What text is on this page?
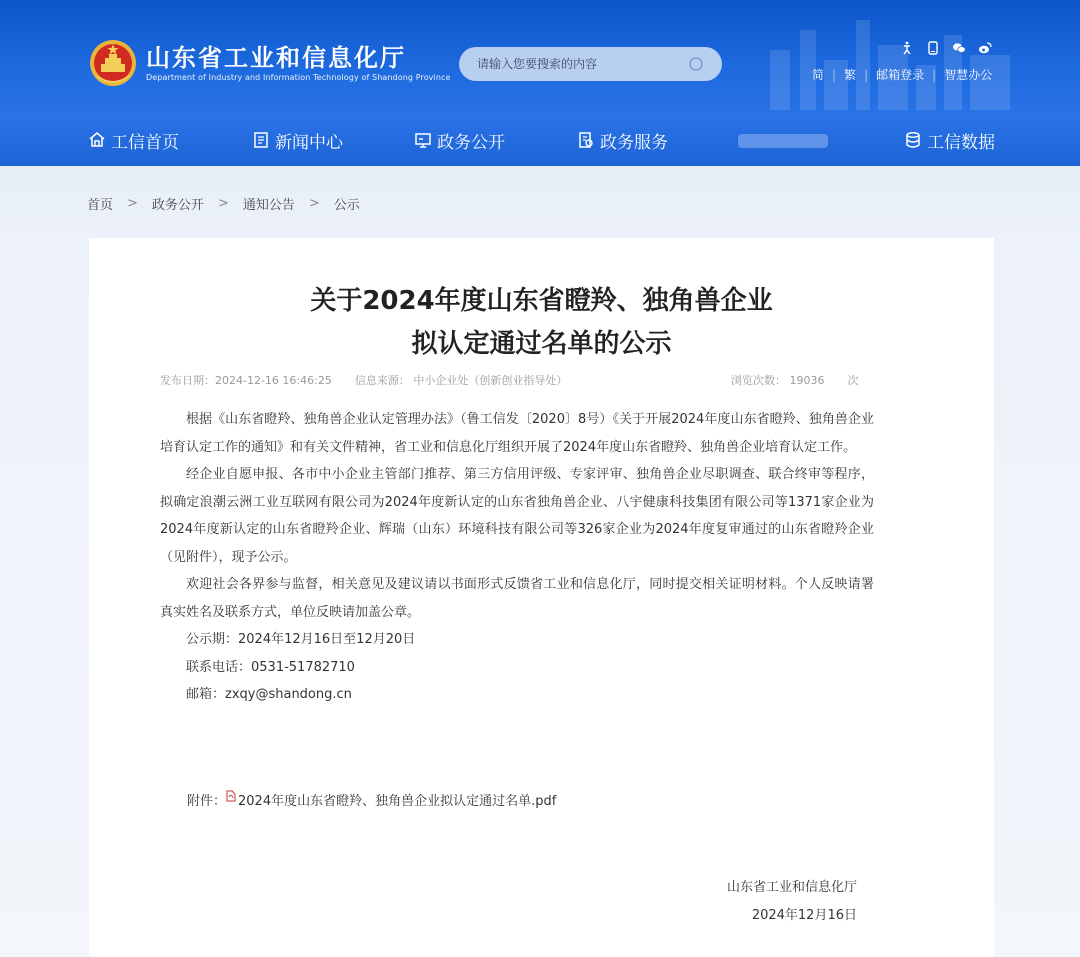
山东省工业和信息化厅
Department of Industry and Information Technology of Shandong Province
请输入您要搜索的内容	简 | 繁 | 邮箱登录 | 智慧办公
工信首页	新闻中心	政务公开	政务服务	工信数据
首页 > 政务公开 > 通知公告 > 公示
关于2024年度山东省瞪羚、独角兽企业
拟认定通过名单的公示
发布日期：2024-12-16 16:46:25 信息来源： 中小企业处（创新创业指导处）	浏览次数： 19036 次

根据《山东省瞪羚、独角兽企业认定管理办法》（鲁工信发〔2020〕8号）《关于开展2024年度山东省瞪羚、独角兽企业培育认定工作的通知》和有关文件精神，省工业和信息化厅组织开展了2024年度山东省瞪羚、独角兽企业培育认定工作。

经企业自愿申报、各市中小企业主管部门推荐、第三方信用评级、专家评审、独角兽企业尽职调查、联合终审等程序，拟确定浪潮云洲工业互联网有限公司为2024年度新认定的山东省独角兽企业、八宇健康科技集团有限公司等1371家企业为2024年度新认定的山东省瞪羚企业、辉瑞（山东）环境科技有限公司等326家企业为2024年度复审通过的山东省瞪羚企业（见附件），现予公示。

欢迎社会各界参与监督，相关意见及建议请以书面形式反馈省工业和信息化厅，同时提交相关证明材料。个人反映请署真实姓名及联系方式，单位反映请加盖公章。

公示期：2024年12月16日至12月20日

联系电话：0531-51782710

邮箱：zxqy@shandong.cn

附件： 2024年度山东省瞪羚、独角兽企业拟认定通过名单.pdf
山东省工业和信息化厅
2024年12月16日
